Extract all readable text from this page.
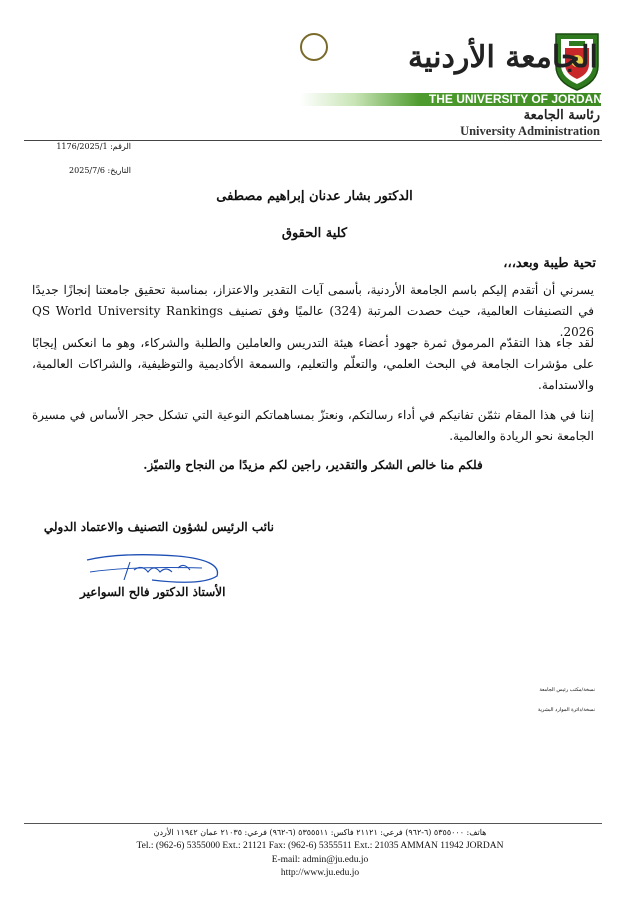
الجامعة الأردنية
THE UNIVERSITY OF JORDAN
رئاسة الجامعة
University Administration
الرقم: 1176/2025/1
التاريخ: 2025/7/6
الدكتور بشار عدنان إبراهيم مصطفى
كلية الحقوق
تحية طيبة وبعد،،،
يسرني أن أتقدم إليكم باسم الجامعة الأردنية، بأسمى آيات التقدير والاعتزاز، بمناسبة تحقيق جامعتنا إنجازًا جديدًا في التصنيفات العالمية، حيث حصدت المرتبة (324) عالميًا وفق تصنيف QS World University Rankings 2026.
لقد جاء هذا التقدّم المرموق ثمرة جهود أعضاء هيئة التدريس والعاملين والطلبة والشركاء، وهو ما انعكس إيجابًا على مؤشرات الجامعة في البحث العلمي، والتعلّم والتعليم، والسمعة الأكاديمية والتوظيفية، والشراكات العالمية، والاستدامة.
إننا في هذا المقام نثمّن تفانيكم في أداء رسالتكم، ونعتزّ بمساهماتكم النوعية التي تشكل حجر الأساس في مسيرة الجامعة نحو الريادة والعالمية.
فلكم منا خالص الشكر والتقدير، راجين لكم مزيدًا من النجاح والتميّز.
نائب الرئيس لشؤون التصنيف والاعتماد الدولي
الأستاذ الدكتور فالح السواعير
نسخة/مكتب رئيس الجامعة
نسخة/دائرة الموارد البشرية
هاتف: ٥٣٥٥٠٠٠ (٦-٩٦٢) فرعي: ٢١١٢١ فاكس: ٥٣٥٥٥١١ (٦-٩٦٢) فرعي: ٢١٠٣٥ عمان ١١٩٤٢ الأردن
Tel.: (962-6) 5355000 Ext.: 21121 Fax: (962-6) 5355511 Ext.: 21035 AMMAN 11942 JORDAN
E-mail: admin@ju.edu.jo
http://www.ju.edu.jo
